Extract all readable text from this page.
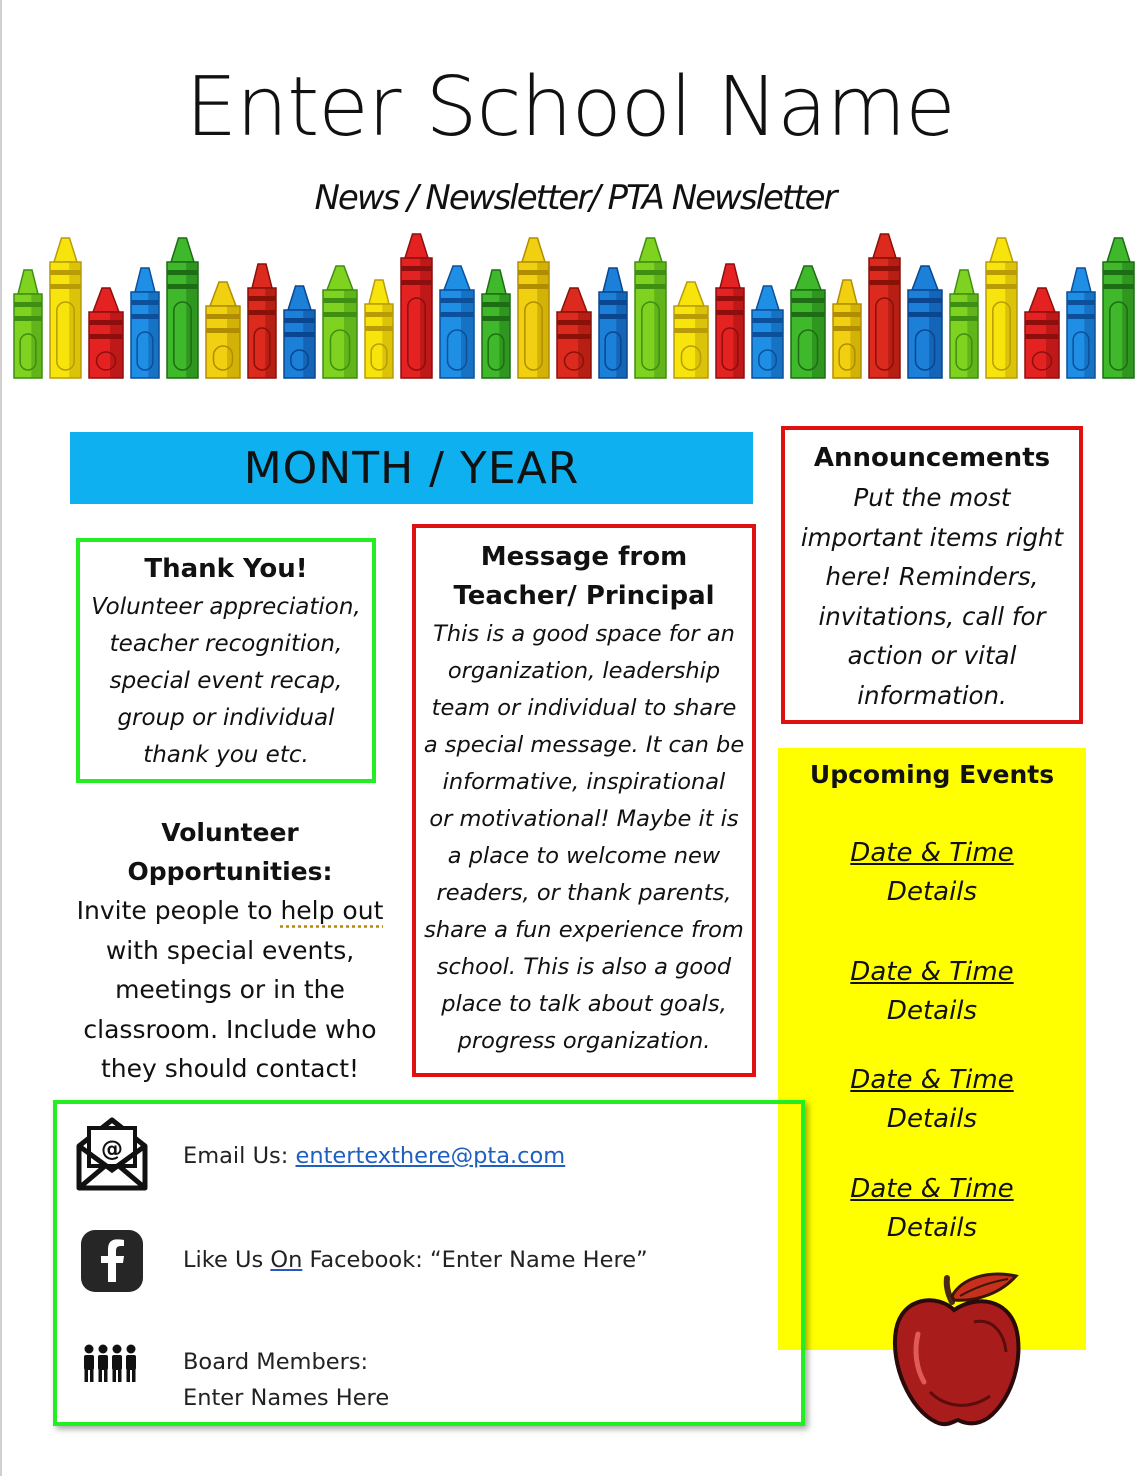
Enter School Name
News / Newsletter/ PTA Newsletter
MONTH / YEAR
Thank You!
Volunteer appreciation,
teacher recognition,
special event recap,
group or individual
thank you etc.
Message from
Teacher/ Principal
This is a good space for an
organization, leadership
team or individual to share
a special message. It can be
informative, inspirational
or motivational! Maybe it is
a place to welcome new
readers, or thank parents,
share a fun experience from
school. This is also a good
place to talk about goals,
progress organization.
Announcements
Put the most
important items right
here! Reminders,
invitations, call for
action or vital
information.
Volunteer Opportunities:
Invite people to help out
with special events,
meetings or in the
classroom. Include who
they should contact!
Upcoming Events
Date & Time
Details
Date & Time
Details
Date & Time
Details
Date & Time
Details
@	Email Us: entertexthere@pta.com
Like Us On Facebook: “Enter Name Here”
Board Members:
Enter Names Here
